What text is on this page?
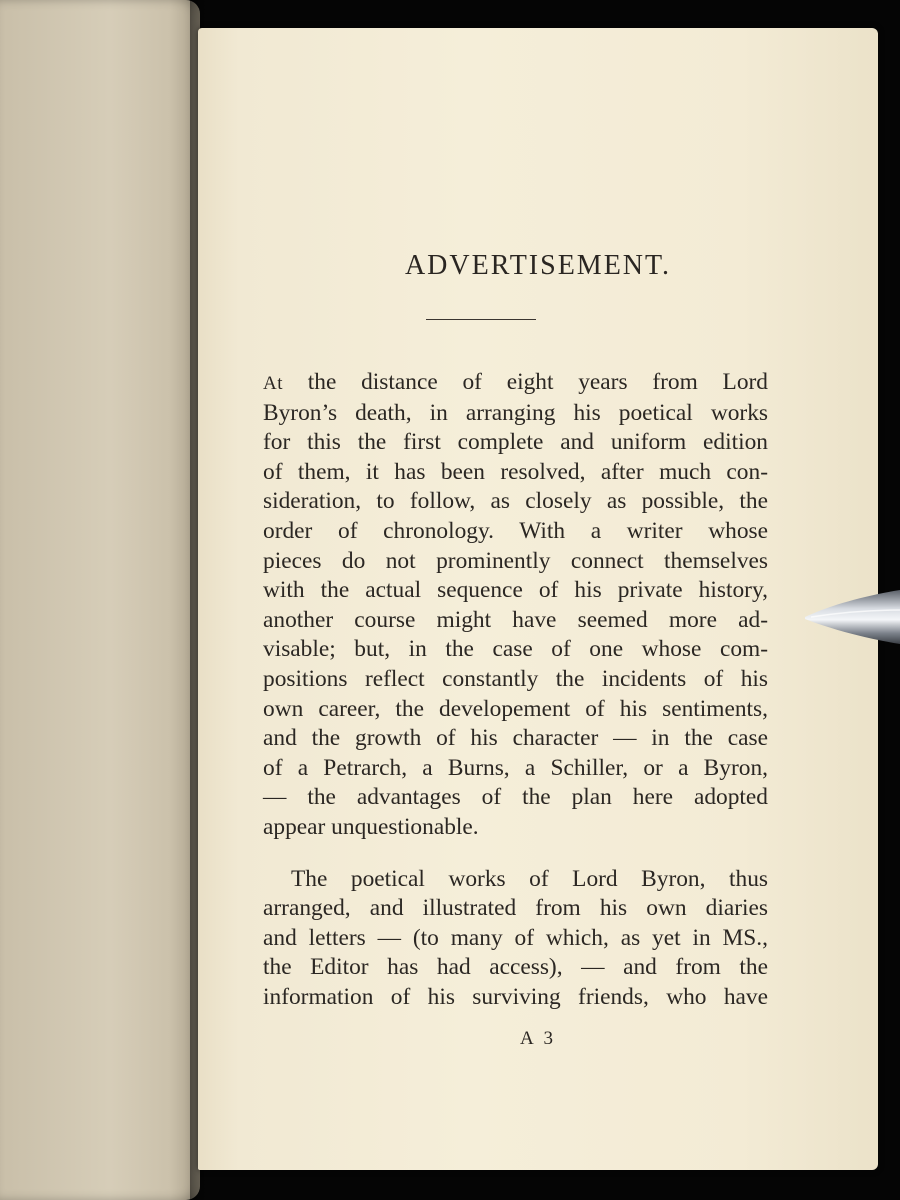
ADVERTISEMENT.
At the distance of eight years from Lord
Byron’s death, in arranging his poetical works
for this the first complete and uniform edition
of them, it has been resolved, after much con-
sideration, to follow, as closely as possible, the
order of chronology. With a writer whose
pieces do not prominently connect themselves
with the actual sequence of his private history,
another course might have seemed more ad-
visable; but, in the case of one whose com-
positions reflect constantly the incidents of his
own career, the developement of his sentiments,
and the growth of his character — in the case
of a Petrarch, a Burns, a Schiller, or a Byron,
— the advantages of the plan here adopted
appear unquestionable.
The poetical works of Lord Byron, thus
arranged, and illustrated from his own diaries
and letters — (to many of which, as yet in MS.,
the Editor has had access), — and from the
information of his surviving friends, who have
A 3
